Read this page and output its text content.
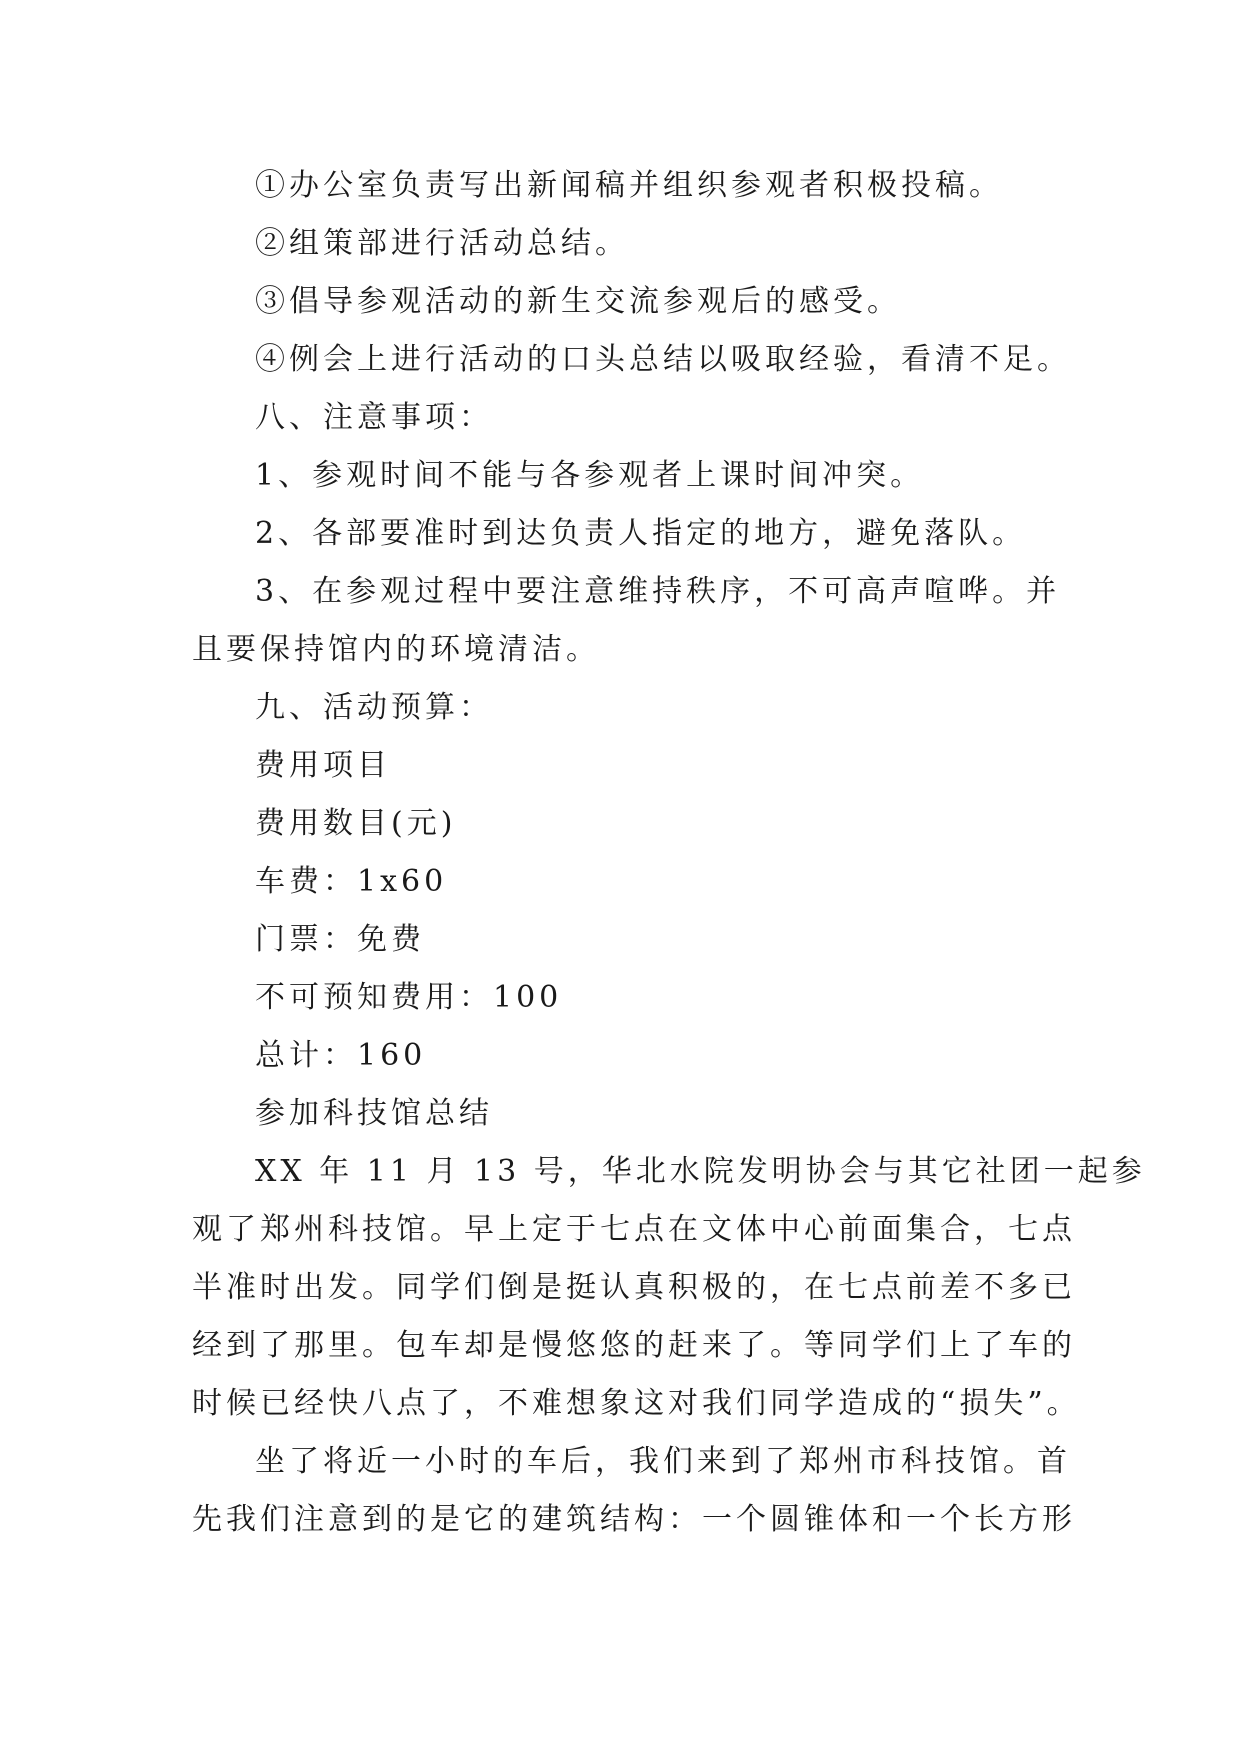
①办公室负责写出新闻稿并组织参观者积极投稿。
②组策部进行活动总结。
③倡导参观活动的新生交流参观后的感受。
④例会上进行活动的口头总结以吸取经验，看清不足。
八、注意事项：
1、参观时间不能与各参观者上课时间冲突。
2、各部要准时到达负责人指定的地方，避免落队。
3、在参观过程中要注意维持秩序，不可高声喧哗。并
且要保持馆内的环境清洁。
九、活动预算：
费用项目
费用数目(元)
车费：1x60
门票：免费
不可预知费用：100
总计：160
参加科技馆总结
XX 年 11 月 13 号，华北水院发明协会与其它社团一起参
观了郑州科技馆。早上定于七点在文体中心前面集合，七点
半准时出发。同学们倒是挺认真积极的，在七点前差不多已
经到了那里。包车却是慢悠悠的赶来了。等同学们上了车的
时候已经快八点了，不难想象这对我们同学造成的“损失”。
坐了将近一小时的车后，我们来到了郑州市科技馆。首
先我们注意到的是它的建筑结构：一个圆锥体和一个长方形
